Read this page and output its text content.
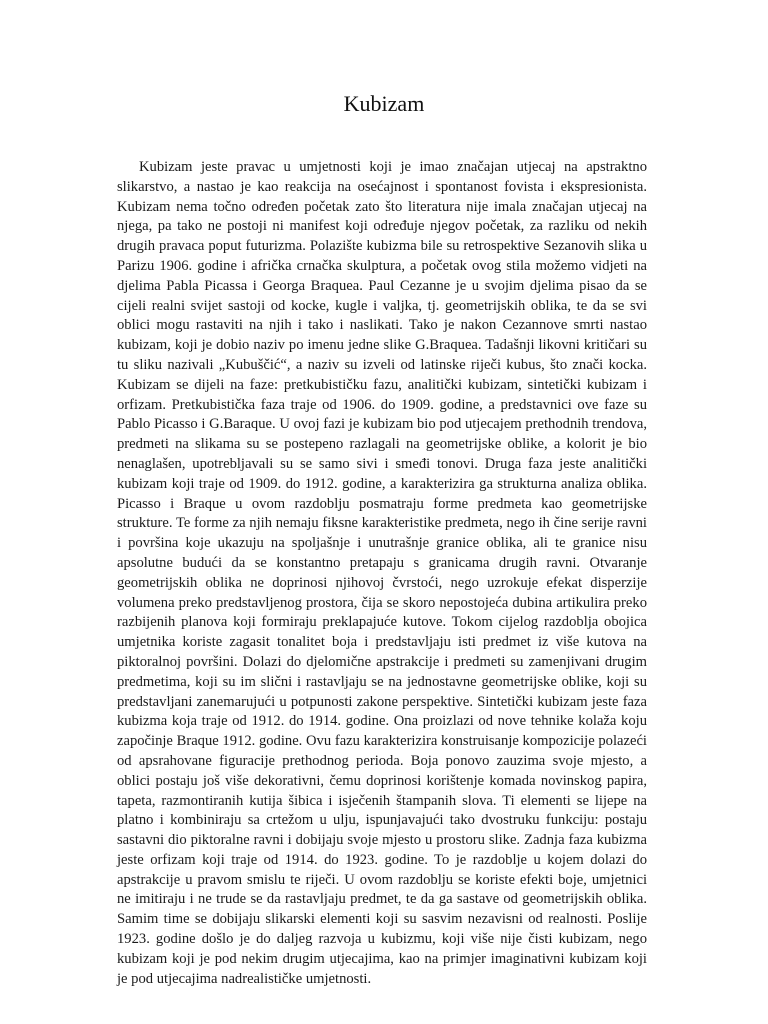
Kubizam

Kubizam jeste pravac u umjetnosti koji je imao značajan utjecaj na apstraktno slikarstvo, a nastao je kao reakcija na osećajnost i spontanost fovista i ekspresionista. Kubizam nema točno određen početak zato što literatura nije imala značajan utjecaj na njega, pa tako ne postoji ni manifest koji određuje njegov početak, za razliku od nekih drugih pravaca poput futurizma. Polazište kubizma bile su retrospektive Sezanovih slika u Parizu 1906. godine i afrička crnačka skulptura, a početak ovog stila možemo vidjeti na djelima Pabla Picassa i Georga Braquea. Paul Cezanne je u svojim djelima pisao da se cijeli realni svijet sastoji od kocke, kugle i valjka, tj. geometrijskih oblika, te da se svi oblici mogu rastaviti na njih i tako i naslikati. Tako je nakon Cezannove smrti nastao kubizam, koji je dobio naziv po imenu jedne slike G.Braquea. Tadašnji likovni kritičari su tu sliku nazivali „Kubuščić“, a naziv su izveli od latinske riječi kubus, što znači kocka. Kubizam se dijeli na faze: pretkubističku fazu, analitički kubizam, sintetički kubizam i orfizam. Pretkubistička faza traje od 1906. do 1909. godine, a predstavnici ove faze su Pablo Picasso i G.Baraque. U ovoj fazi je kubizam bio pod utjecajem prethodnih trendova, predmeti na slikama su se postepeno razlagali na geometrijske oblike, a kolorit je bio nenaglašen, upotrebljavali su se samo sivi i smeđi tonovi. Druga faza jeste analitički kubizam koji traje od 1909. do 1912. godine, a karakterizira ga strukturna analiza oblika. Picasso i Braque u ovom razdoblju posmatraju forme predmeta kao geometrijske strukture. Te forme za njih nemaju fiksne karakteristike predmeta, nego ih čine serije ravni i površina koje ukazuju na spoljašnje i unutrašnje granice oblika, ali te granice nisu apsolutne budući da se konstantno pretapaju s granicama drugih ravni. Otvaranje geometrijskih oblika ne doprinosi njihovoj čvrstoći, nego uzrokuje efekat disperzije volumena preko predstavljenog prostora, čija se skoro nepostojeća dubina artikulira preko razbijenih planova koji formiraju preklapajuće kutove. Tokom cijelog razdoblja obojica umjetnika koriste zagasit tonalitet boja i predstavljaju isti predmet iz više kutova na piktoralnoj površini. Dolazi do djelomične apstrakcije i predmeti su zamenjivani drugim predmetima, koji su im slični i rastavljaju se na jednostavne geometrijske oblike, koji su predstavljani zanemarujući u potpunosti zakone perspektive. Sintetički kubizam jeste faza kubizma koja traje od 1912. do 1914. godine. Ona proizlazi od nove tehnike kolaža koju započinje Braque 1912. godine. Ovu fazu karakterizira konstruisanje kompozicije polazeći od apsrahovane figuracije prethodnog perioda. Boja ponovo zauzima svoje mjesto, a oblici postaju još više dekorativni, čemu doprinosi korištenje komada novinskog papira, tapeta, razmontiranih kutija šibica i isječenih štampanih slova. Ti elementi se lijepe na platno i kombiniraju sa crtežom u ulju, ispunjavajući tako dvostruku funkciju: postaju sastavni dio piktoralne ravni i dobijaju svoje mjesto u prostoru slike. Zadnja faza kubizma jeste orfizam koji traje od 1914. do 1923. godine. To je razdoblje u kojem dolazi do apstrakcije u pravom smislu te riječi. U ovom razdoblju se koriste efekti boje, umjetnici ne imitiraju i ne trude se da rastavljaju predmet, te da ga sastave od geometrijskih oblika. Samim time se dobijaju slikarski elementi koji su sasvim nezavisni od realnosti. Poslije 1923. godine došlo je do daljeg razvoja u kubizmu, koji više nije čisti kubizam, nego kubizam koji je pod nekim drugim utjecajima, kao na primjer imaginativni kubizam koji je pod utjecajima nadrealističke umjetnosti.
